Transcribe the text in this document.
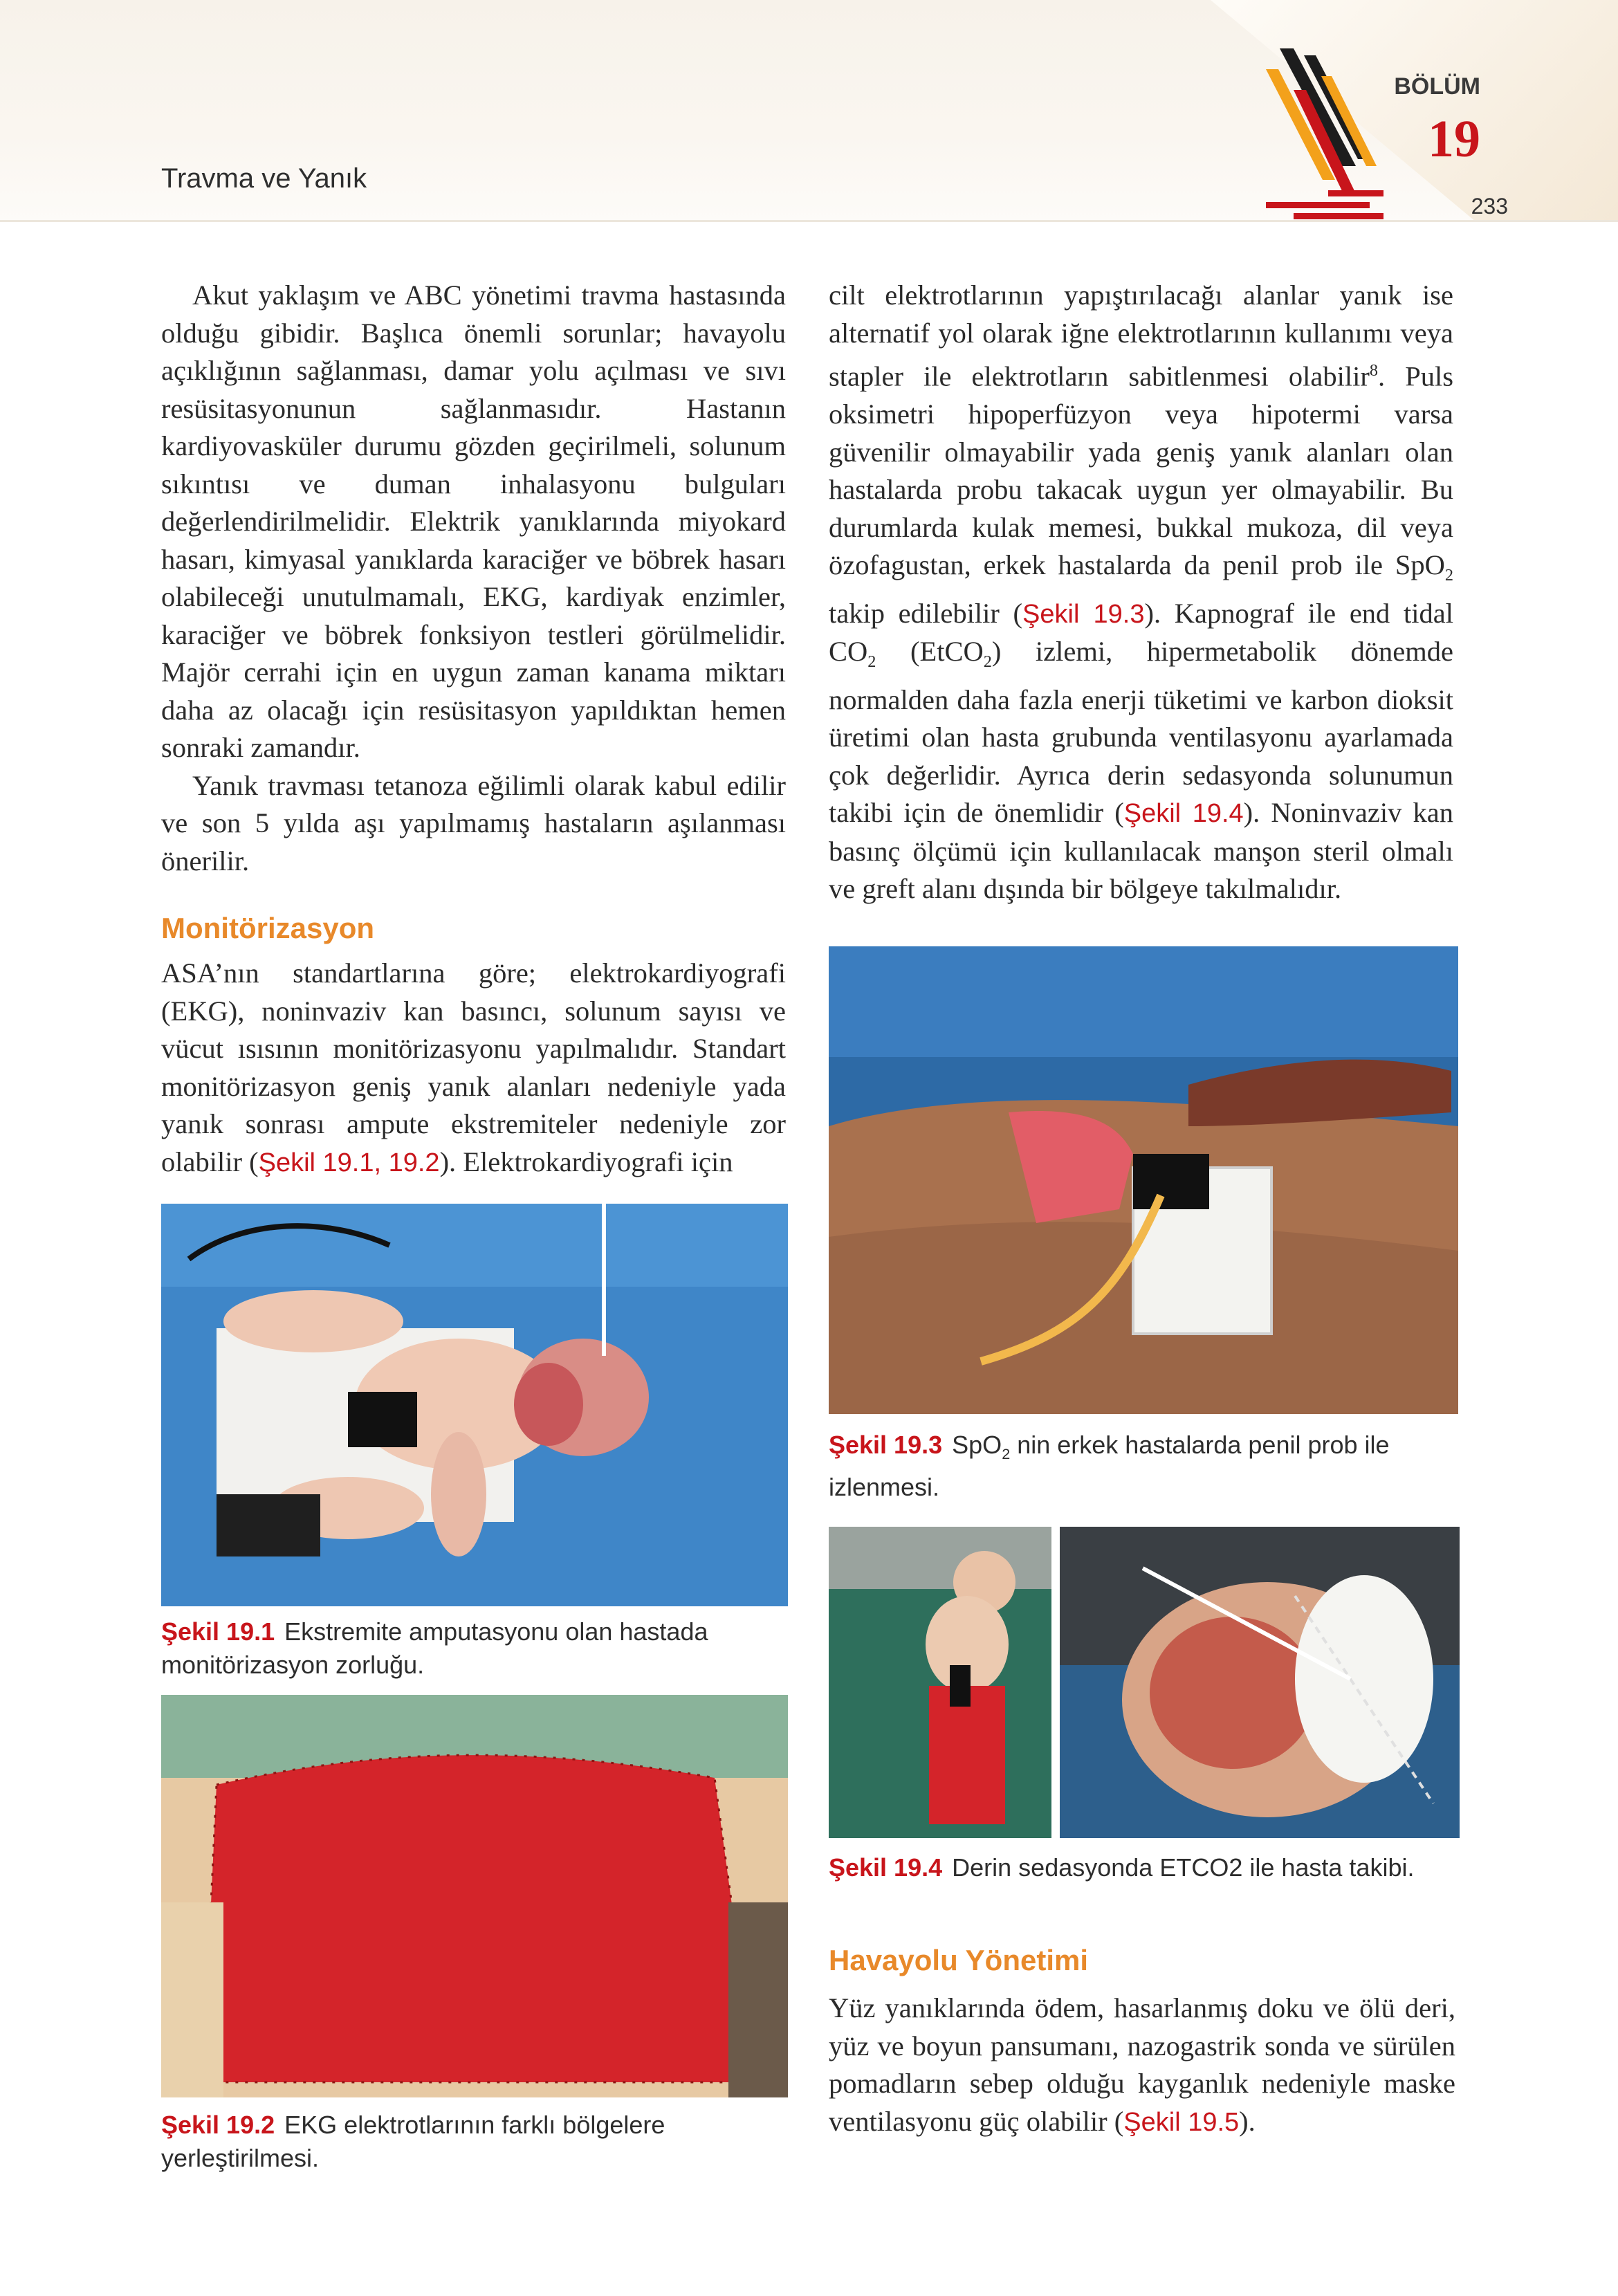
Travma ve Yanık
BÖLÜM
19
233

Akut yaklaşım ve ABC yönetimi travma hastasında olduğu gibidir. Başlıca önemli sorunlar; havayolu açıklığının sağlanması, damar yolu açılması ve sıvı resüsitasyonunun sağlanmasıdır. Hastanın kardiyovasküler durumu gözden geçirilmeli, solunum sıkıntısı ve duman inhalasyonu bulguları değerlendirilmelidir. Elektrik yanıklarında miyokard hasarı, kimyasal yanıklarda karaciğer ve böbrek hasarı olabileceği unutulmamalı, EKG, kardiyak enzimler, karaciğer ve böbrek fonksiyon testleri görülmelidir. Majör cerrahi için en uygun zaman kanama miktarı daha az olacağı için resüsitasyon yapıldıktan hemen sonraki zamandır.

Yanık travması tetanoza eğilimli olarak kabul edilir ve son 5 yılda aşı yapılmamış hastaların aşılanması önerilir.

Monitörizasyon

ASA’nın standartlarına göre; elektrokardiyografi (EKG), noninvaziv kan basıncı, solunum sayısı ve vücut ısısının monitörizasyonu yapılmalıdır. Standart monitörizasyon geniş yanık alanları nedeniyle yada yanık sonrası ampute ekstremiteler nedeniyle zor olabilir (Şekil 19.1, 19.2). Elektrokardiyografi için

cilt elektrotlarının yapıştırılacağı alanlar yanık ise alternatif yol olarak iğne elektrotlarının kullanımı veya stapler ile elektrotların sabitlenmesi olabilir$^8$. Puls oksimetri hipoperfüzyon veya hipotermi varsa güvenilir olmayabilir yada geniş yanık alanları olan hastalarda probu takacak uygun yer olmayabilir. Bu durumlarda kulak memesi, bukkal mukoza, dil veya özofagustan, erkek hastalarda da penil prob ile SpO$_2$ takip edilebilir (Şekil 19.3). Kapnograf ile end tidal $CO_2$ (EtCO$_2$) izlemi, hipermetabolik dönemde normalden daha fazla enerji tüketimi ve karbon dioksit üretimi olan hasta grubunda ventilasyonu ayarlamada çok değerlidir. Ayrıca derin sedasyonda solunumun takibi için de önemlidir (Şekil 19.4). Noninvaziv kan basınç ölçümü için kullanılacak manşon steril olmalı ve greft alanı dışında bir bölgeye takılmalıdır.

Şekil 19.1 Ekstremite amputasyonu olan hastada monitörizasyon zorluğu.
Şekil 19.2 EKG elektrotlarının farklı bölgelere yerleştirilmesi.
Şekil 19.3 SpO$_2$ nin erkek hastalarda penil prob ile izlenmesi.
Şekil 19.4 Derin sedasyonda ETCO2 ile hasta takibi.
Havayolu Yönetimi

Yüz yanıklarında ödem, hasarlanmış doku ve ölü deri, yüz ve boyun pansumanı, nazogastrik sonda ve sürülen pomadların sebep olduğu kayganlık nedeniyle maske ventilasyonu güç olabilir (Şekil 19.5).
